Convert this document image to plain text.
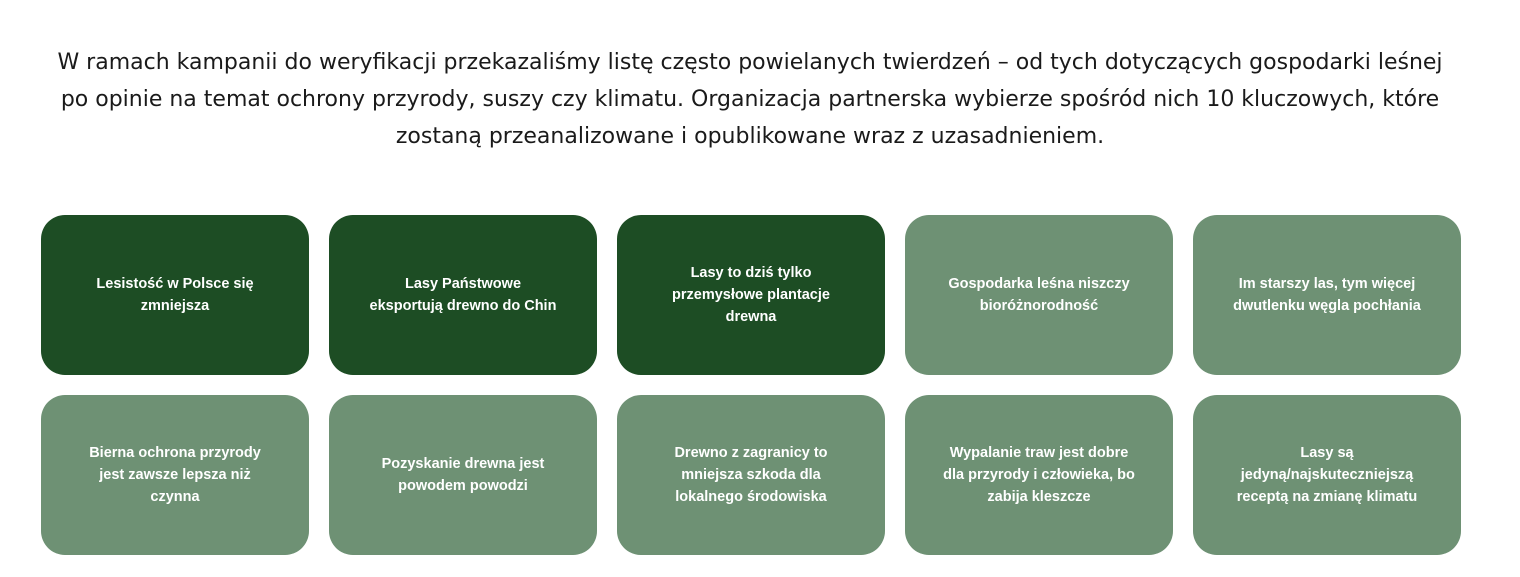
W ramach kampanii do weryfikacji przekazaliśmy listę często powielanych twierdzeń – od tych dotyczących gospodarki leśnej po opinie na temat ochrony przyrody, suszy czy klimatu. Organizacja partnerska wybierze spośród nich 10 kluczowych, które zostaną przeanalizowane i opublikowane wraz z uzasadnieniem.

Lesistość w Polsce się zmniejsza
Lasy Państwowe eksportują drewno do Chin
Lasy to dziś tylko przemysłowe plantacje drewna
Gospodarka leśna niszczy bioróżnorodność
Im starszy las, tym więcej dwutlenku węgla pochłania
Bierna ochrona przyrody jest zawsze lepsza niż czynna
Pozyskanie drewna jest powodem powodzi
Drewno z zagranicy to mniejsza szkoda dla lokalnego środowiska
Wypalanie traw jest dobre dla przyrody i człowieka, bo zabija kleszcze
Lasy są jedyną/najskuteczniejszą receptą na zmianę klimatu
